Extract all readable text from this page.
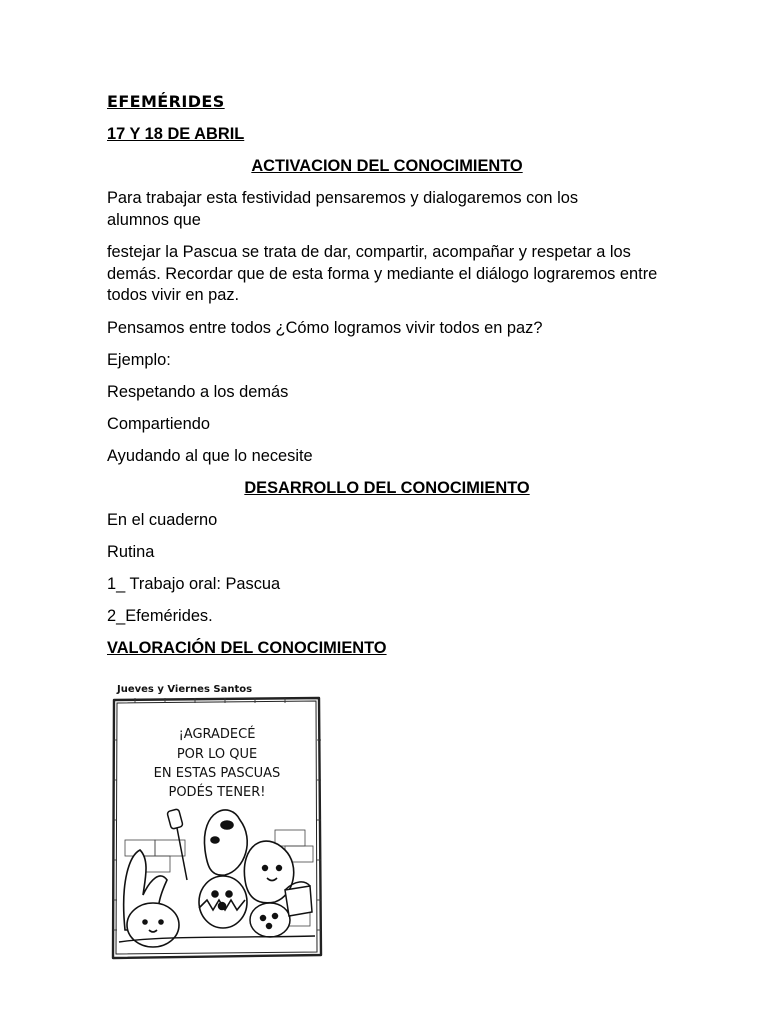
EFEMÉRIDES

17 Y 18 DE ABRIL

ACTIVACION DEL CONOCIMIENTO

Para trabajar esta festividad pensaremos y dialogaremos con los alumnos que

festejar la Pascua se trata de dar, compartir, acompañar y respetar a los demás. Recordar que de esta forma y mediante el diálogo lograremos entre todos vivir en paz.

Pensamos entre todos ¿Cómo logramos vivir todos en paz?

Ejemplo:

Respetando a los demás

Compartiendo

Ayudando al que lo necesite

DESARROLLO DEL CONOCIMIENTO

En el cuaderno

Rutina

1_ Trabajo oral: Pascua

2_Efemérides.

VALORACIÓN DEL CONOCIMIENTO

Jueves y Viernes Santos
¡AGRADECÉ
POR LO QUE
EN ESTAS PASCUAS
PODÉS TENER!
